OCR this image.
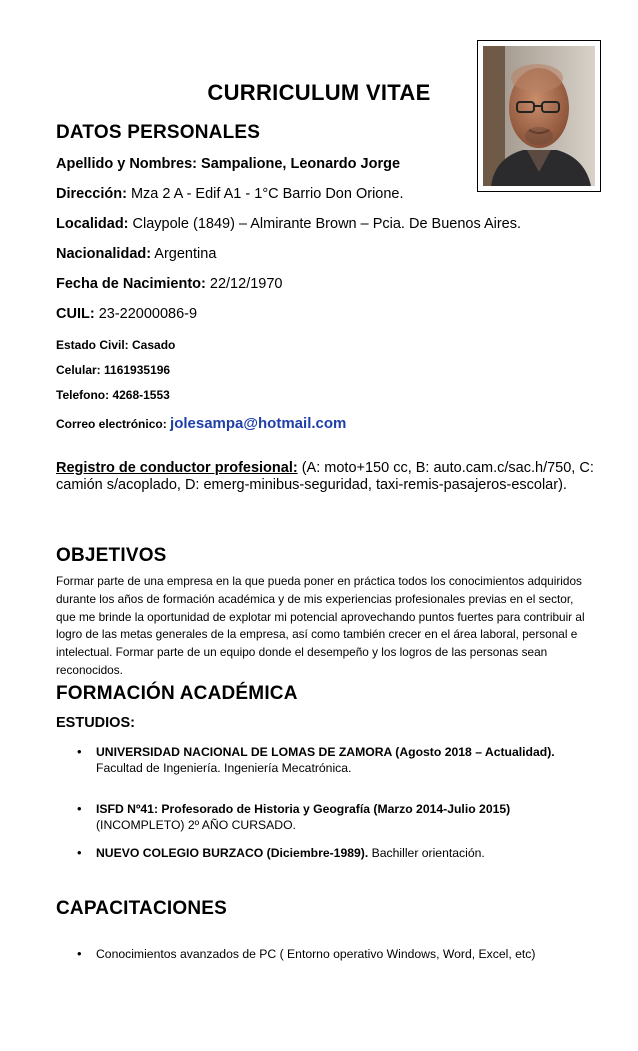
CURRICULUM VITAE
DATOS PERSONALES
Apellido y Nombres: Sampalione, Leonardo Jorge
Dirección: Mza 2 A - Edif A1 - 1°C Barrio Don Orione.
Localidad: Claypole (1849) – Almirante Brown – Pcia. De Buenos Aires.
Nacionalidad: Argentina
Fecha de Nacimiento: 22/12/1970
CUIL: 23-22000086-9
Estado Civil: Casado
Celular: 1161935196
Telefono: 4268-1553
Correo electrónico: jolesampa@hotmail.com
Registro de conductor profesional: (A: moto+150 cc, B: auto.cam.c/sac.h/750, C: camión s/acoplado, D: emerg-minibus-seguridad, taxi-remis-pasajeros-escolar).
OBJETIVOS
Formar parte de una empresa en la que pueda poner en práctica todos los conocimientos adquiridos durante los años de formación académica y de mis experiencias profesionales previas en el sector, que me brinde la oportunidad de explotar mi potencial aprovechando puntos fuertes para contribuir al logro de las metas generales de la empresa, así como también crecer en el área laboral, personal e intelectual. Formar parte de un equipo donde el desempeño y los logros de las personas sean reconocidos.
FORMACIÓN ACADÉMICA
ESTUDIOS:
• UNIVERSIDAD NACIONAL DE LOMAS DE ZAMORA (Agosto 2018 – Actualidad).
Facultad de Ingeniería. Ingeniería Mecatrónica.
• ISFD Nº41: Profesorado de Historia y Geografía (Marzo 2014-Julio 2015)
(INCOMPLETO) 2º AÑO CURSADO.
• NUEVO COLEGIO BURZACO (Diciembre-1989). Bachiller orientación.
CAPACITACIONES
• Conocimientos avanzados de PC ( Entorno operativo Windows, Word, Excel, etc)
